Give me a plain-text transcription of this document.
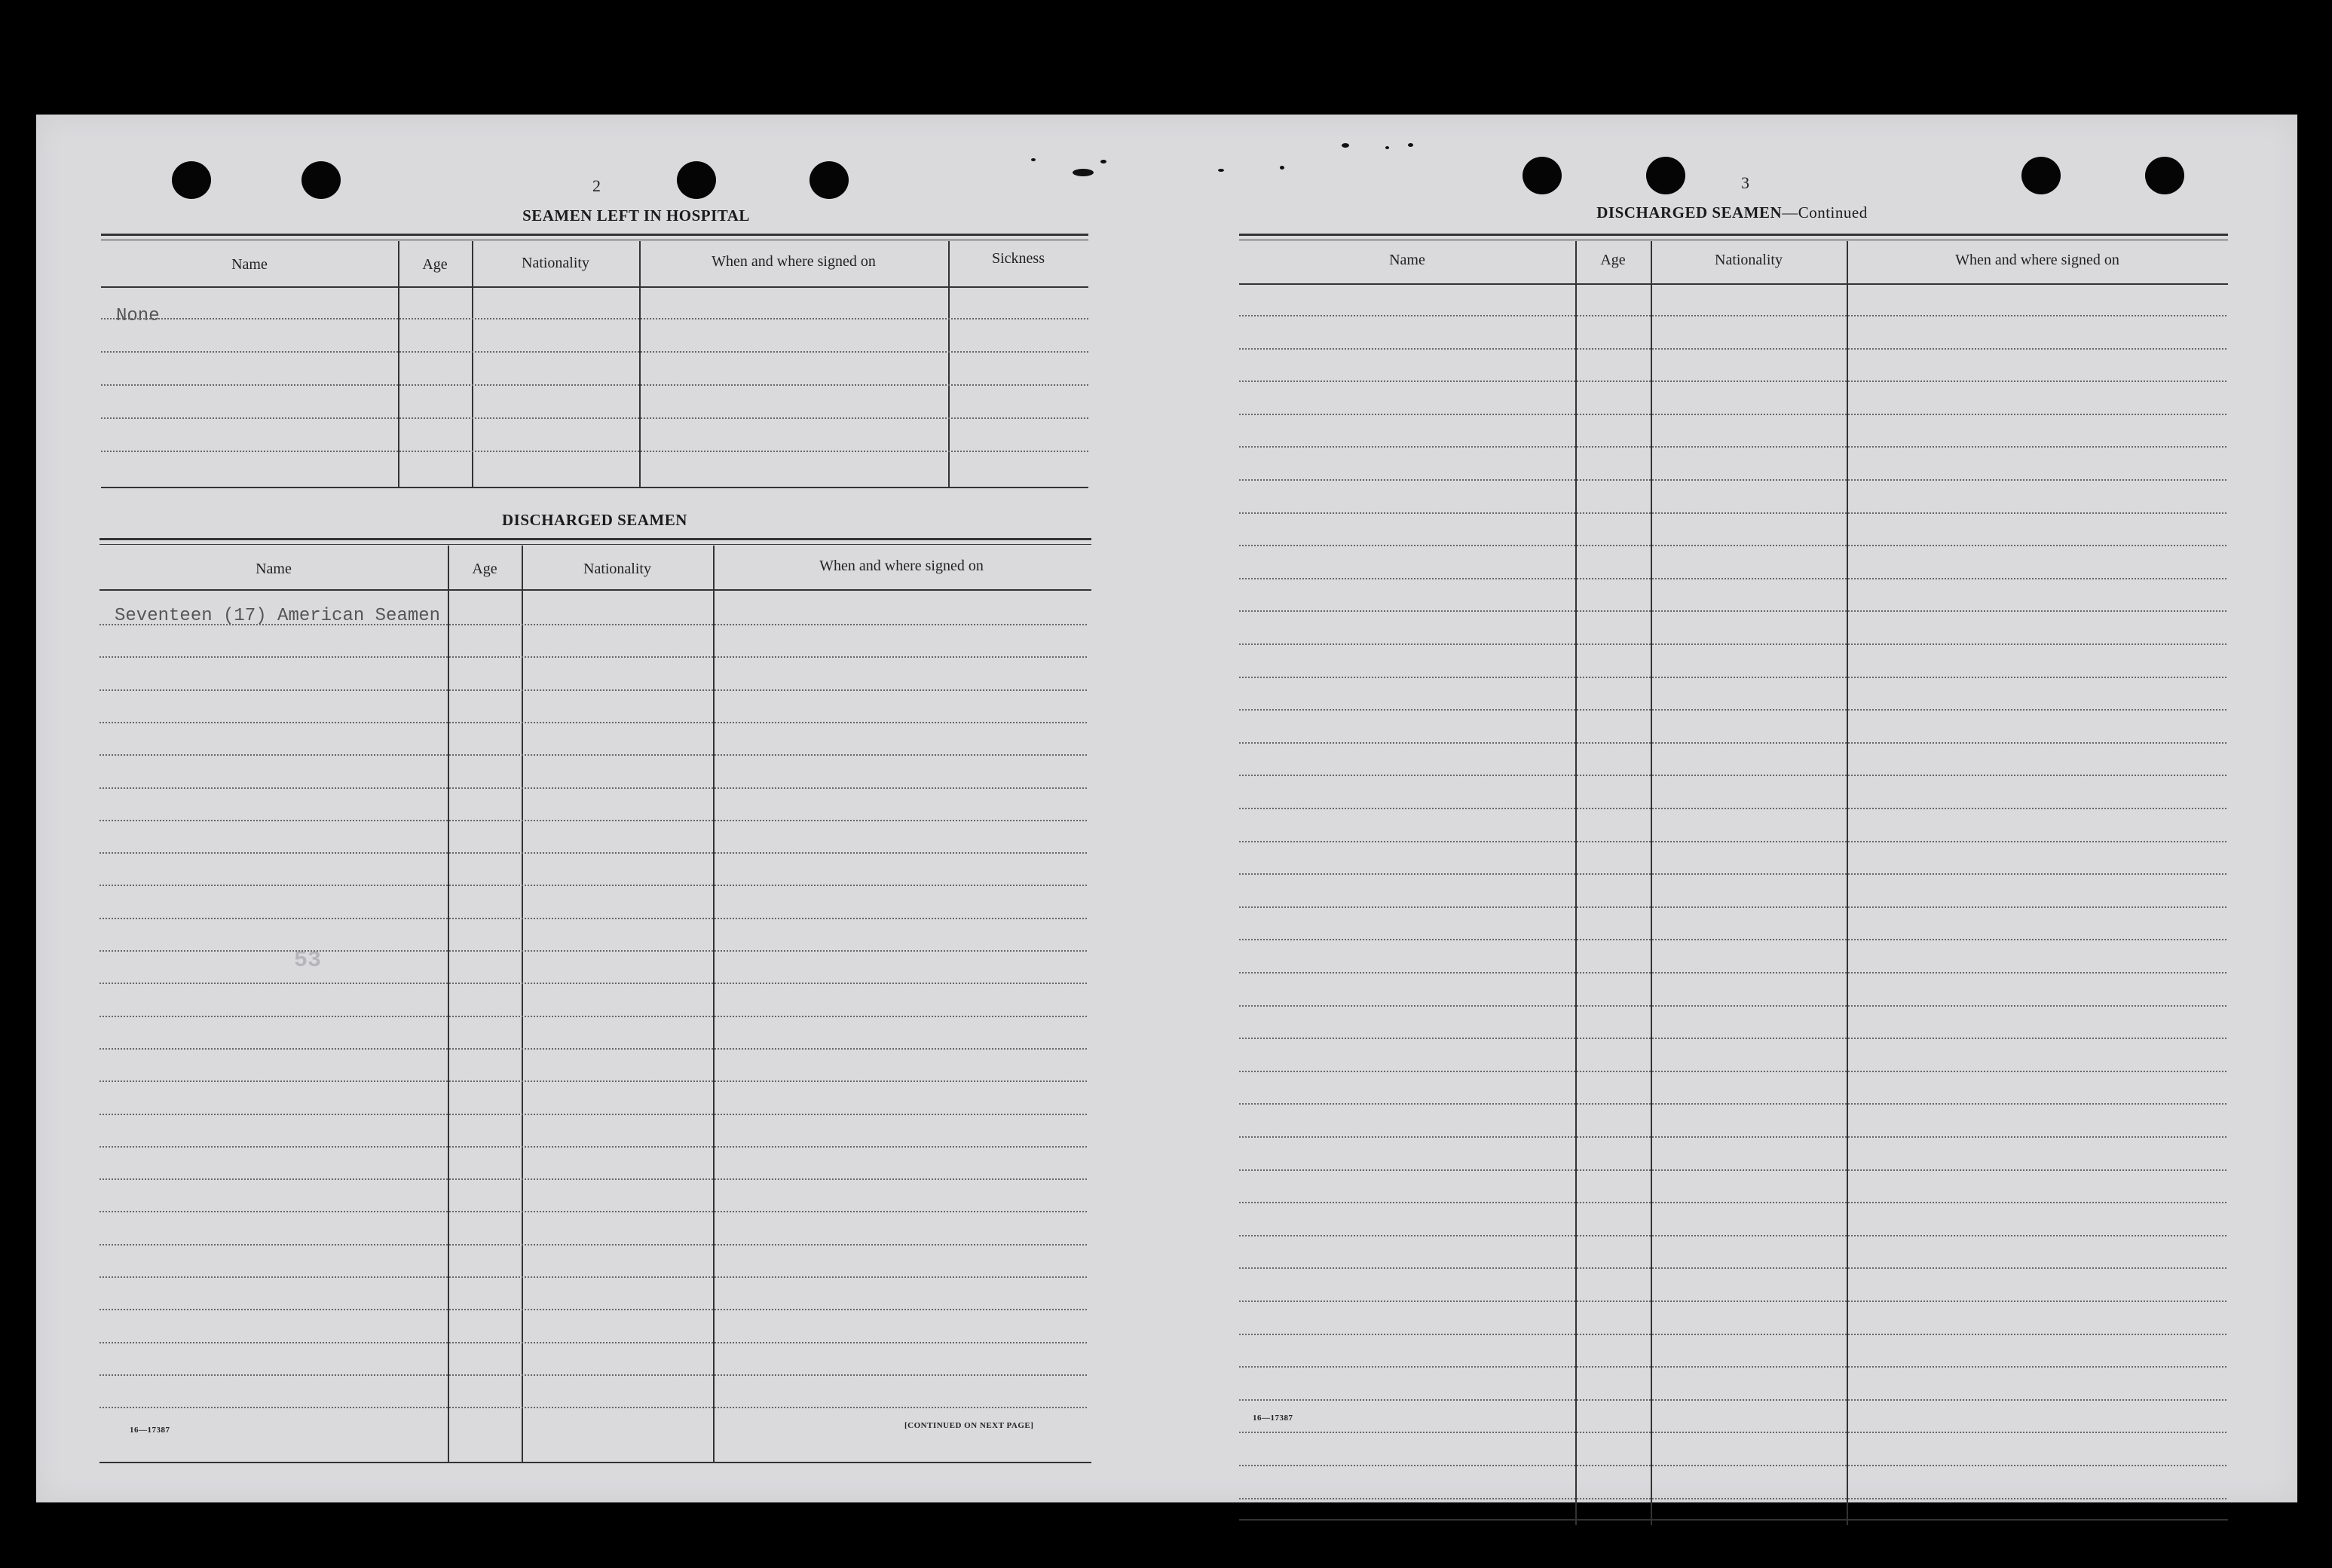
2
SEAMEN LEFT IN HOSPITAL
Name	Age	Nationality	When and where signed on	Sickness
None
DISCHARGED SEAMEN
Name	Age	Nationality	When and where signed on
Seventeen (17) American Seamen
53
16—17387	[CONTINUED ON NEXT PAGE]
3
DISCHARGED SEAMEN—Continued
Name	Age	Nationality	When and where signed on
16—17387
